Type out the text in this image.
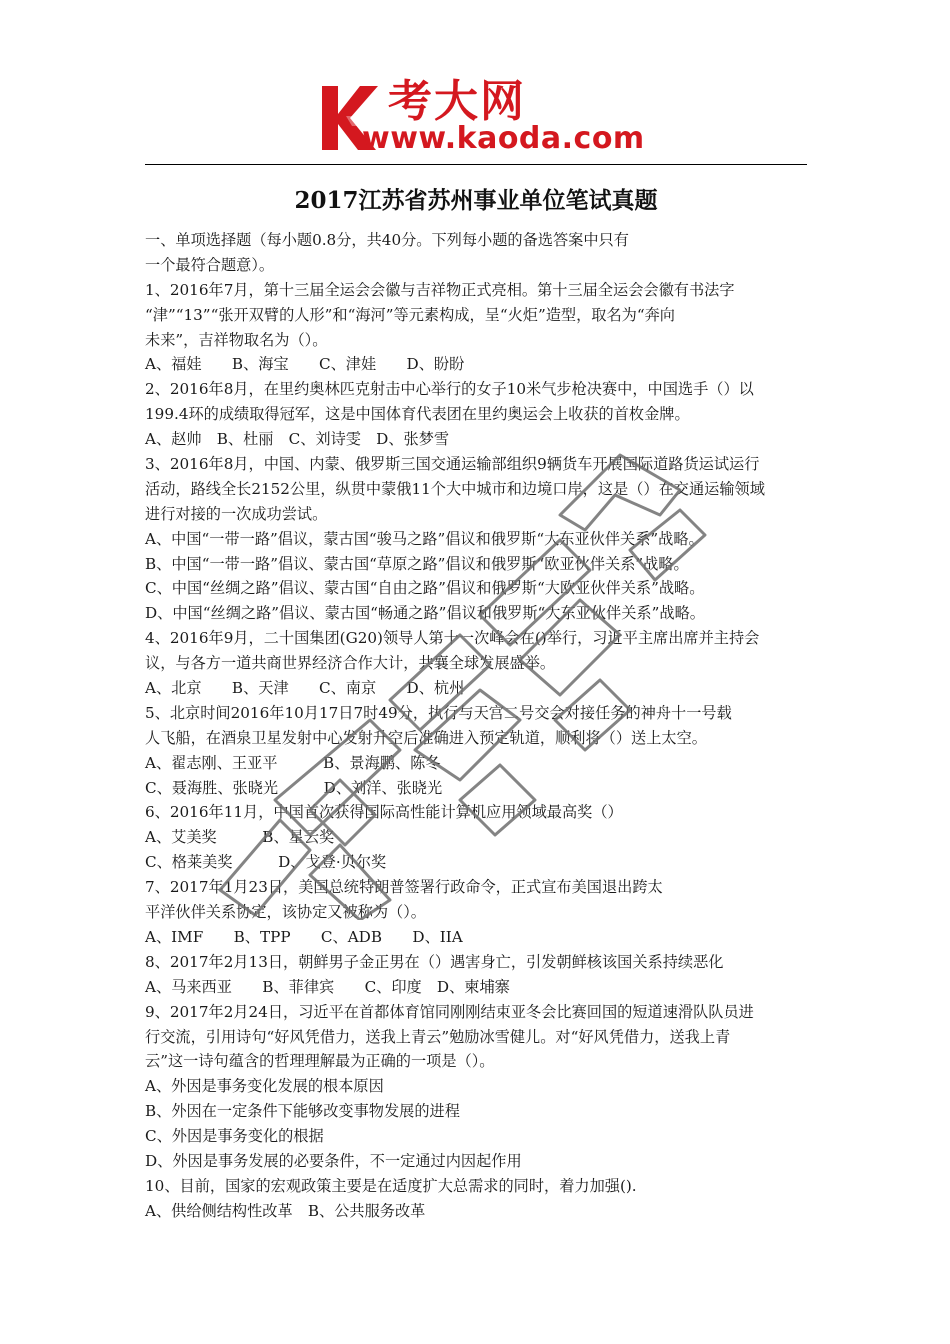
考大网
www.kaoda.com
2017江苏省苏州事业单位笔试真题
一、单项选择题（每小题0.8分，共40分。下列每小题的备选答案中只有
一个最符合题意）。
1、2016年7月，第十三届全运会会徽与吉祥物正式亮相。第十三届全运会会徽有书法字
“津”“13”“张开双臂的人形”和“海河”等元素构成，呈“火炬”造型，取名为“奔向
未来”，吉祥物取名为（）。
A、福娃　　B、海宝　　C、津娃　　D、盼盼
2、2016年8月，在里约奥林匹克射击中心举行的女子10米气步枪决赛中，中国选手（）以
199.4环的成绩取得冠军，这是中国体育代表团在里约奥运会上收获的首枚金牌。
A、赵帅　B、杜丽　C、刘诗雯　D、张梦雪
3、2016年8月，中国、内蒙、俄罗斯三国交通运输部组织9辆货车开展国际道路货运试运行
活动，路线全长2152公里，纵贯中蒙俄11个大中城市和边境口岸，这是（）在交通运输领域
进行对接的一次成功尝试。
A、中国“一带一路”倡议，蒙古国“骏马之路”倡议和俄罗斯“大东亚伙伴关系”战略。
B、中国“一带一路”倡议、蒙古国“草原之路”倡议和俄罗斯“欧亚伙伴关系”战略。
C、中国“丝绸之路”倡议、蒙古国“自由之路”倡议和俄罗斯“大欧亚伙伴关系”战略。
D、中国“丝绸之路”倡议、蒙古国“畅通之路”倡议和俄罗斯“大东亚伙伴关系”战略。
4、2016年9月，二十国集团(G20)领导人第十一次峰会在()举行，习近平主席出席并主持会
议，与各方一道共商世界经济合作大计，共襄全球发展盛举。
A、北京　　B、天津　　C、南京　　D、杭州
5、北京时间2016年10月17日7时49分，执行与天宫二号交会对接任务的神舟十一号载
人飞船，在酒泉卫星发射中心发射升空后准确进入预定轨道，顺利将（）送上太空。
A、翟志刚、王亚平　　　B、景海鹏、陈冬
C、聂海胜、张晓光　　　D、刘洋、张晓光
6、2016年11月，中国首次获得国际高性能计算机应用领域最高奖（）
A、艾美奖　　　B、星云奖
C、格莱美奖　　　D、戈登·贝尔奖
7、2017年1月23日，美国总统特朗普签署行政命令，正式宣布美国退出跨太
平洋伙伴关系协定，该协定又被称为（）。
A、IMF　　B、TPP　　C、ADB　　D、IIA
8、2017年2月13日，朝鲜男子金正男在（）遇害身亡，引发朝鲜核该国关系持续恶化
A、马来西亚　　B、菲律宾　　C、印度　D、柬埔寨
9、2017年2月24日，习近平在首都体育馆同刚刚结束亚冬会比赛回国的短道速滑队队员进
行交流，引用诗句“好风凭借力，送我上青云”勉励冰雪健儿。对“好风凭借力，送我上青
云”这一诗句蕴含的哲理理解最为正确的一项是（）。
A、外因是事务变化发展的根本原因
B、外因在一定条件下能够改变事物发展的进程
C、外因是事务变化的根据
D、外因是事务发展的必要条件，不一定通过内因起作用
10、目前，国家的宏观政策主要是在适度扩大总需求的同时，着力加强().
A、供给侧结构性改革　B、公共服务改革
